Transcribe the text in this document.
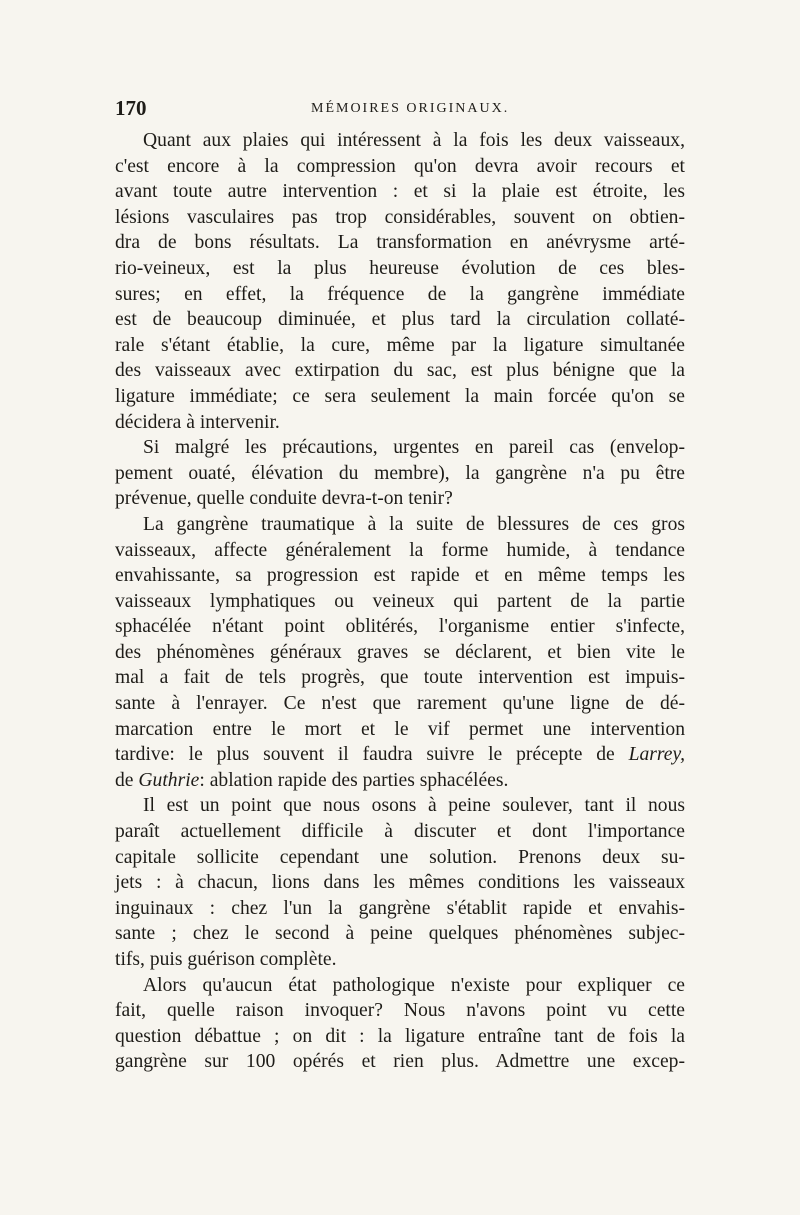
170	MÉMOIRES ORIGINAUX.

Quant aux plaies qui intéressent à la fois les deux vaisseaux,
c'est encore à la compression qu'on devra avoir recours et
avant toute autre intervention : et si la plaie est étroite, les
lésions vasculaires pas trop considérables, souvent on obtien-
dra de bons résultats. La transformation en anévrysme arté-
rio-veineux, est la plus heureuse évolution de ces bles-
sures; en effet, la fréquence de la gangrène immédiate
est de beaucoup diminuée, et plus tard la circulation collaté-
rale s'étant établie, la cure, même par la ligature simultanée
des vaisseaux avec extirpation du sac, est plus bénigne que la
ligature immédiate; ce sera seulement la main forcée qu'on se
décidera à intervenir.

Si malgré les précautions, urgentes en pareil cas (envelop-
pement ouaté, élévation du membre), la gangrène n'a pu être
prévenue, quelle conduite devra-t-on tenir?

La gangrène traumatique à la suite de blessures de ces gros
vaisseaux, affecte généralement la forme humide, à tendance
envahissante, sa progression est rapide et en même temps les
vaisseaux lymphatiques ou veineux qui partent de la partie
sphacélée n'étant point oblitérés, l'organisme entier s'infecte,
des phénomènes généraux graves se déclarent, et bien vite le
mal a fait de tels progrès, que toute intervention est impuis-
sante à l'enrayer. Ce n'est que rarement qu'une ligne de dé-
marcation entre le mort et le vif permet une intervention
tardive: le plus souvent il faudra suivre le précepte de Larrey,
de Guthrie: ablation rapide des parties sphacélées.

Il est un point que nous osons à peine soulever, tant il nous
paraît actuellement difficile à discuter et dont l'importance
capitale sollicite cependant une solution. Prenons deux su-
jets : à chacun, lions dans les mêmes conditions les vaisseaux
inguinaux : chez l'un la gangrène s'établit rapide et envahis-
sante ; chez le second à peine quelques phénomènes subjec-
tifs, puis guérison complète.

Alors qu'aucun état pathologique n'existe pour expliquer ce
fait, quelle raison invoquer? Nous n'avons point vu cette
question débattue ; on dit : la ligature entraîne tant de fois la
gangrène sur 100 opérés et rien plus. Admettre une excep-
